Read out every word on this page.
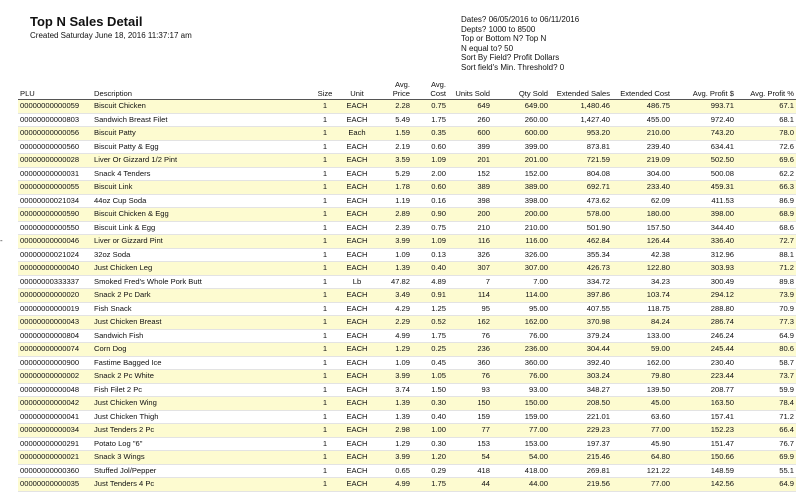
Top N Sales Detail
Created Saturday June 18, 2016 11:37:17 am
Dates? 06/05/2016 to 06/11/2016
Depts? 1000 to 8500
Top or Bottom N? Top N
N equal to? 50
Sort By Field? Profit Dollars
Sort field's Min. Threshold? 0
-
PLU	Description	Size	Unit	Avg. Price	Avg. Cost	Units Sold	Qty Sold	Extended Sales	Extended Cost	Avg. Profit $	Avg. Profit %
00000000000059	Biscuit Chicken	1	EACH	2.28	0.75	649	649.00	1,480.46	486.75	993.71	67.1
00000000000803	Sandwich Breast Filet	1	EACH	5.49	1.75	260	260.00	1,427.40	455.00	972.40	68.1
00000000000056	Biscuit Patty	1	Each	1.59	0.35	600	600.00	953.20	210.00	743.20	78.0
00000000000560	Biscuit Patty & Egg	1	EACH	2.19	0.60	399	399.00	873.81	239.40	634.41	72.6
00000000000028	Liver Or Gizzard 1/2 Pint	1	EACH	3.59	1.09	201	201.00	721.59	219.09	502.50	69.6
00000000000031	Snack 4 Tenders	1	EACH	5.29	2.00	152	152.00	804.08	304.00	500.08	62.2
00000000000055	Biscuit Link	1	EACH	1.78	0.60	389	389.00	692.71	233.40	459.31	66.3
00000000021034	44oz Cup Soda	1	EACH	1.19	0.16	398	398.00	473.62	62.09	411.53	86.9
00000000000590	Biscuit Chicken & Egg	1	EACH	2.89	0.90	200	200.00	578.00	180.00	398.00	68.9
00000000000550	Biscuit Link & Egg	1	EACH	2.39	0.75	210	210.00	501.90	157.50	344.40	68.6
00000000000046	Liver or Gizzard Pint	1	EACH	3.99	1.09	116	116.00	462.84	126.44	336.40	72.7
00000000021024	32oz Soda	1	EACH	1.09	0.13	326	326.00	355.34	42.38	312.96	88.1
00000000000040	Just Chicken Leg	1	EACH	1.39	0.40	307	307.00	426.73	122.80	303.93	71.2
00000000333337	Smoked Fred's Whole Pork Butt	1	Lb	47.82	4.89	7	7.00	334.72	34.23	300.49	89.8
00000000000020	Snack 2 Pc Dark	1	EACH	3.49	0.91	114	114.00	397.86	103.74	294.12	73.9
00000000000019	Fish Snack	1	EACH	4.29	1.25	95	95.00	407.55	118.75	288.80	70.9
00000000000043	Just Chicken Breast	1	EACH	2.29	0.52	162	162.00	370.98	84.24	286.74	77.3
00000000000804	Sandwich Fish	1	EACH	4.99	1.75	76	76.00	379.24	133.00	246.24	64.9
00000000000074	Corn Dog	1	EACH	1.29	0.25	236	236.00	304.44	59.00	245.44	80.6
00000000000900	Fastime Bagged Ice	1	EACH	1.09	0.45	360	360.00	392.40	162.00	230.40	58.7
00000000000002	Snack 2 Pc White	1	EACH	3.99	1.05	76	76.00	303.24	79.80	223.44	73.7
00000000000048	Fish Filet 2 Pc	1	EACH	3.74	1.50	93	93.00	348.27	139.50	208.77	59.9
00000000000042	Just Chicken Wing	1	EACH	1.39	0.30	150	150.00	208.50	45.00	163.50	78.4
00000000000041	Just Chicken Thigh	1	EACH	1.39	0.40	159	159.00	221.01	63.60	157.41	71.2
00000000000034	Just Tenders 2 Pc	1	EACH	2.98	1.00	77	77.00	229.23	77.00	152.23	66.4
00000000000291	Potato Log "6"	1	EACH	1.29	0.30	153	153.00	197.37	45.90	151.47	76.7
00000000000021	Snack 3 Wings	1	EACH	3.99	1.20	54	54.00	215.46	64.80	150.66	69.9
00000000000360	Stuffed Jol/Pepper	1	EACH	0.65	0.29	418	418.00	269.81	121.22	148.59	55.1
00000000000035	Just Tenders 4 Pc	1	EACH	4.99	1.75	44	44.00	219.56	77.00	142.56	64.9
